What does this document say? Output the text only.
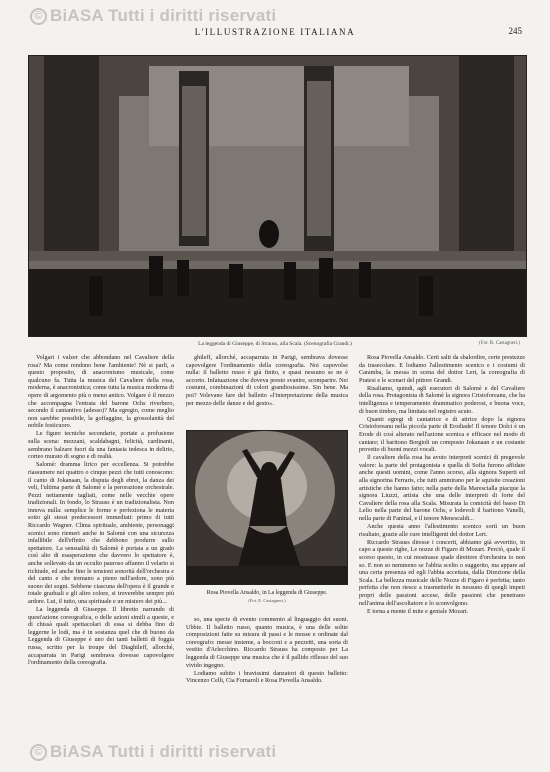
© BiASA Tutti i diritti riservati
L'ILLUSTRAZIONE ITALIANA	245
La leggenda di Giuseppe, di Strauss, alla Scala. (Scenografia Grandi.)	(Fot. R. Castagneri.)

Volgari i valzer che abbondano nel Cavaliere della rosa? Ma come rendono bene l'ambiente! Nè si parli, a questo proposito, di anacronismo musicale, come qualcuno fa. Tutta la musica del Cavaliere della rosa, moderna, è anacronistica; come tutta la musica moderna di opere di argomento più o meno antico. Volgare è il mezzo che accompagna l'entrata del barone Ochs riverbero, secondo il cantantivo (adesso)? Ma egregio, come meglio non sarebbe possibile, la goffaggine, la grossolanità del nobile festicuoro.

Le figure tecniche secondarie, portate a profusione sulla scena: mezzani, scaldabagni, felicità, cardinanti, sembrano balzare fuori da una fantasia tedesca in delirio, corteo murato di sogno e di realtà.

Salomè: dramma lirico per eccellenza. Si potrebbe riassumere nei quattro o cinque pezzi che tutti conoscono: il canto di Jokanaan, la disputa degli ebrei, la danza dei veli, l'ultima parte di Salomè e la perorazione orchestrale. Pezzi nettamente tagliati, come nelle vecchie opere tradizionali. In fondo, lo Strauss è un tradizionalista. Non innova nulla: semplice le forme e perfeziona le materia sotto gli stessi predecessori immediati: primo di tutti Riccardo Wagner. Clima spirituale, ambiente, personaggi scenici sono riemeri anche in Salomè con una sicurezza infallibile dell'effetto che debbono produrre sullo spettatore. La sensualità di Salomè è portata a un grado così alto di esasperazione che davvero lo spettatore è, anche sollevato da un occulto pauroso affanno il velario si richiude, ed anche fino le tensioni sonorità dell'orchestra e del canto e che tremano a pieno nell'ardore, sono più suono dei sogni. Sebbene ciascuna dell'opera è il grande e totale graduali e gli altro colore, si troverebbe sempre più ardore. Lui, il tutto, una spirituale e un mistero dei più...

La leggenda di Giuseppe. Il libretto narrando di quest'azione coreografica, o delle azioni simili a queste, e di chissà quali spettacolari di essa si debba fino di leggerne le lodi, ma è in sostanza quel che di buono da Leggenda di Giuseppe è uno dei tanti balletti di foggia russa, scritto per la troupe del Diaghileff, allorché, accaparrata in Parigi sembrava dovesse capovolgere l'ordinamento della coreografia.

ghileff, allorché, accaparrata in Parigi, sembrava dovesse capovolgere l'ordinamento della coreografia. Noi capovolse nulla: il balletto russo è già finito, e quasi nessuno se ne è accorto. Infatuazione che doveva presto svanire, scomparire. Nei costumi, combinazioni di colori grandiosissime. Sin bene. Ma poi? Volevano fare del balletto «l'interpretazione della musica per mezzo delle danze e del gesto».

Rosa Piovella Ansaldo, in La leggenda di Giuseppe.
(Fot. E. Castagneri.)

so, una specie di evento commento al linguaggio dei suoni. Ubbie. Il balletto russo, quanto musica, è una delle solite composizioni fatte su misura di passi e le mosse e ordinate dal coreografo: messe insieme, a bocconi e a pezzetti, una sorta di vestito d'Arlecchino. Riccardo Strauss ha composto per La leggenda di Giuseppe una musica che è il pallido riflesso del suo vivido ingegno.

Lodiamo subito i bravissimi danzatori di questo balletto: Vincenzo Celli, Cia Fornaroli e Rosa Piovella Ansaldo.

Rosa Piovella Ansaldo. Certi salti da sbalordire, certe prestezze da trasecolare. E lodiamo l'allestimento scenico e i costumi di Caramba, la messa in scena del dottor Lert, la coreografia di Pratesi e le scenari del pittore Grandi.

Risaliamo, quindi, agli esecutori di Salomè e del Cavaliere della rosa. Protagonista di Salomè la signora Cristoforeanu, che ha intelligenza e temperamento drammatico poderosi, e buona voce, di buon timbro, ma limitata nel registro acuto.

Quanti egregi di cantatrice e di attrice dopo la signora Cristoforeanu nella piccola parte di Erodiade! Il tenore Dolci è un Erode di così alterato nell'azione scenica e efficace nel modo di cantare; il baritono Borgioli un composto Jokanaan e un costante provetto di buoni mezzi vocali.

Il cavaliere della rosa ha avuto interpreti scenici di pregevole valore: la parte del protagonista e quella di Sofia furono affidate anche questi uomini, come l'anno scorso, alla signora Superti ed alla signorina Ferraris, che tutti ammirano per le squisite creazioni artistiche che hanno fatto; nella parte della Marescialla piacque la signora Liuzzi, artista che una delle interpreti di forte del Cavaliere della rosa alla Scala. Misurata la comicità del basso Di Lelio nella parte del barone Ochs, e lodevoli il baritono Vanelli, nella parte di Faninal, e il tenore Menescaldi...

Anche questa anno l'allestimento scenico sortì un buon risultato, grazie alle cure intelligenti del dottor Lert.

Riccardo Strauss diresse i concerti, abbiamo già avvertito, in capo a queste righe, Le nozze di Figaro di Mozart. Perciò, quale il scorso questo, in cui mostrasse quale direttore d'orchestra io non so. E non so nemmeno se l'abbia scelto o suggerito, ma appare ad una certa presenza ed egli l'abbia accettata, dalla Direzione della Scala. La bellezza musicale delle Nozze di Figaro è perfetta; tanto perfetta che non riesce a trasmetterle in nessuno di quegli impeti propri delle passioni accese, delle passioni che penetrano nell'anima dell'ascoltatore e lo sconvolgono.

E torna a mente il mite e geniale Mozart.

© BiASA Tutti i diritti riservati
